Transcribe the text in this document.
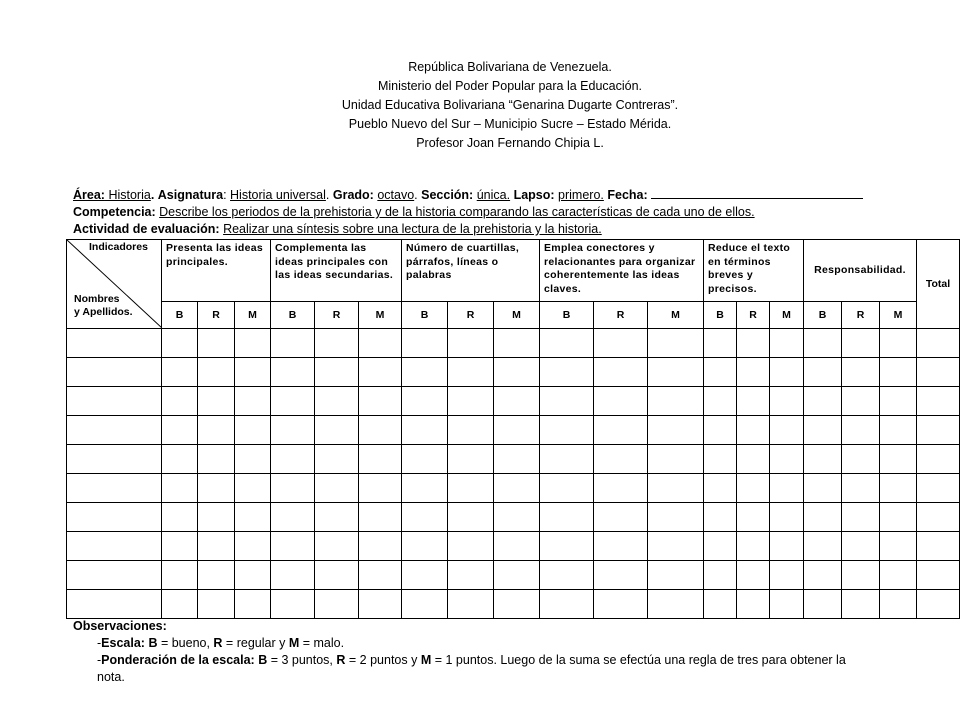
República Bolivariana de Venezuela.
Ministerio del Poder Popular para la Educación.
Unidad Educativa Bolivariana “Genarina Dugarte Contreras”.
Pueblo Nuevo del Sur – Municipio Sucre – Estado Mérida.
Profesor Joan Fernando Chipia L.
Área: Historia. Asignatura: Historia universal. Grado: octavo. Sección: única. Lapso: primero. Fecha:
Competencia: Describe los periodos de la prehistoria y de la historia comparando las características de cada uno de ellos.
Actividad de evaluación: Realizar una síntesis sobre una lectura de la prehistoria y la historia.
Indicadores
Nombres
y Apellidos.	Presenta las ideas principales.			Complementa las ideas principales con las ideas secundarias.			Número de cuartillas, párrafos, líneas o palabras			Emplea conectores y relacionantes para organizar coherentemente las ideas claves.			Reduce el texto en términos breves y precisos.			Responsabilidad.			Total
	B	R	M	B	R	M	B	R	M	B	R	M	B	R	M	B	R	M	

Observaciones:
-Escala: B = bueno, R = regular y M = malo.
-Ponderación de la escala: B = 3 puntos, R = 2 puntos y M = 1 puntos. Luego de la suma se efectúa una regla de tres para obtener la
nota.
